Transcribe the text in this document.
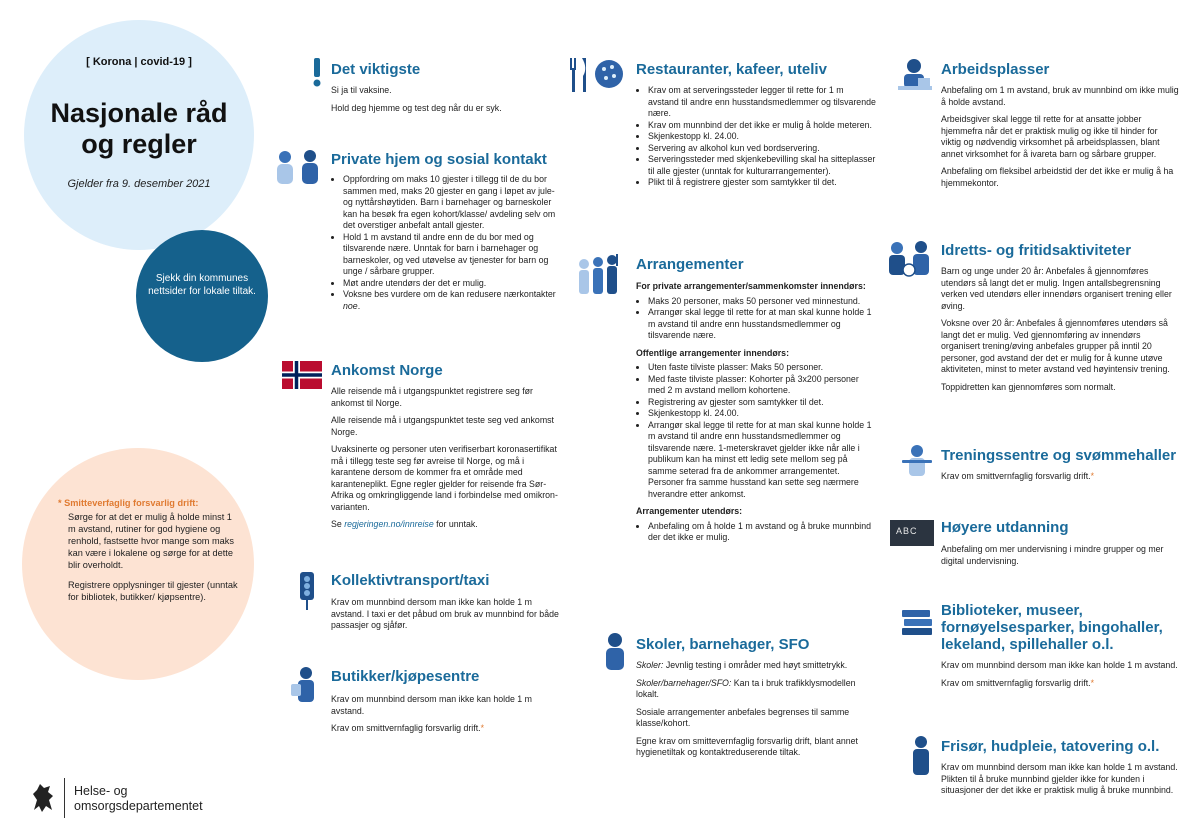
[ Korona | covid-19 ]
Nasjonale råd
og regler
Gjelder fra 9. desember 2021
Sjekk din kommunes nettsider for lokale tiltak.
* Smitteverfaglig forsvarlig drift:

Sørge for at det er mulig å holde minst 1 m avstand, rutiner for god hygiene og renhold, fastsette hvor mange som maks kan være i lokalene og sørge for at dette blir overholdt.

Registrere opplysninger til gjester (unntak for bibliotek, butikker/ kjøpsentre).

Helse- og
omsorgsdepartementet
Det viktigste

Si ja til vaksine.

Hold deg hjemme og test deg når du er syk.

Private hjem og sosial kontakt
• Oppfordring om maks 10 gjester i tillegg til de du bor sammen med, maks 20 gjester en gang i løpet av julе- og nyttårshøytiden. Barn i barnehager og barneskoler kan ha besøk fra egen kohort/klasse/ avdeling selv om det overstiger anbefalt antall gjester.
• Hold 1 m avstand til andre enn de du bor med og tilsvarende nære. Unntak for barn i barnehager og barneskoler, og ved utøvelse av tjenester for barn og unge / sårbare grupper.
• Møt andre utendørs der det er mulig.
• Voksne bes vurdere om de kan redusere nærkontakter noe.
Ankomst Norge

Alle reisende må i utgangspunktet registrere seg før ankomst til Norge.

Alle reisende må i utgangspunktet teste seg ved ankomst Norge.

Uvaksinerte og personer uten verifiserbart koronasertifikat må i tillegg teste seg før avreise til Norge, og må i karantene dersom de kommer fra et område med karanteneplikt. Egne regler gjelder for reisende fra Sør-Afrika og omkringliggende land i forbindelse med omikron-varianten.

Se regjeringen.no/innreise for unntak.

Kollektivtransport/taxi

Krav om munnbind dersom man ikke kan holde 1 m avstand. I taxi er det påbud om bruk av munnbind for både passasjer og sjåfør.

Butikker/kjøpesentre

Krav om munnbind dersom man ikke kan holde 1 m avstand.

Krav om smittvernfaglig forsvarlig drift.*

Restauranter, kafeer, uteliv
• Krav om at serveringssteder legger til rette for 1 m avstand til andre enn husstandsmedlemmer og tilsvarende nære.
• Krav om munnbind der det ikke er mulig å holde meteren.
• Skjenkestopp kl. 24.00.
• Servering av alkohol kun ved bordservering.
• Serveringssteder med skjenkebevilling skal ha sitteplasser til alle gjester (unntak for kulturarrangementer).
• Plikt til å registrere gjester som samtykker til det.
Arrangementer
For private arrangementer/sammenkomster innendørs:
• Maks 20 personer, maks 50 personer ved minnestund.
• Arrangør skal legge til rette for at man skal kunne holde 1 m avstand til andre enn husstandsmedlemmer og tilsvarende nære.
Offentlige arrangementer innendørs:
• Uten faste tilviste plasser: Maks 50 personer.
• Med faste tilviste plasser: Kohorter på 3x200 personer med 2 m avstand mellom kohortene.
• Registrering av gjester som samtykker til det.
• Skjenkestopp kl. 24.00.
• Arrangør skal legge til rette for at man skal kunne holde 1 m avstand til andre enn husstandsmedlemmer og tilsvarende nære. 1-meterskravet gjelder ikke når alle i publikum kan ha minst ett ledig sete mellom seg på samme seterad fra de ankommer arrangementet. Personer fra samme husstand kan sette seg nærmere hverandre etter ankomst.
Arrangementer utendørs:
• Anbefaling om å holde 1 m avstand og å bruke munnbind der det ikke er mulig.
Skoler, barnehager, SFO

Skoler: Jevnlig testing i områder med høyt smittetrykk.

Skoler/barnehager/SFO: Kan ta i bruk trafikklysmodellen lokalt.

Sosiale arrangementer anbefales begrenses til samme klasse/kohort.

Egne krav om smittevernfaglig forsvarlig drift, blant annet hygienetiltak og kontaktreduserende tiltak.

Arbeidsplasser

Anbefaling om 1 m avstand, bruk av munnbind om ikke mulig å holde avstand.

Arbeidsgiver skal legge til rette for at ansatte jobber hjemmefra når det er praktisk mulig og ikke til hinder for viktig og nødvendig virksomhet på arbeidsplassen, blant annet virksomhet for å ivareta barn og sårbare grupper.

Anbefaling om fleksibel arbeidstid der det ikke er mulig å ha hjemmekontor.

Idretts- og fritidsaktiviteter

Barn og unge under 20 år: Anbefales å gjennomføres utendørs så langt det er mulig. Ingen antallsbegrensning verken ved utendørs eller innendørs organisert trening eller øving.

Voksne over 20 år: Anbefales å gjennomføres utendørs så langt det er mulig. Ved gjennomføring av innendørs organisert trening/øving anbefales grupper på inntil 20 personer, god avstand der det er mulig for å kunne utøve aktiviteten, minst to meter avstand ved høyintensiv trening.

Toppidretten kan gjennomføres som normalt.

Treningssentre og svømmehaller

Krav om smittvernfaglig forsvarlig drift.*

ABC Høyere utdanning

Anbefaling om mer undervisning i mindre grupper og mer digital undervisning.

Biblioteker, museer,
fornøyelsesparker, bingohaller,
lekeland, spillehaller o.l.

Krav om munnbind dersom man ikke kan holde 1 m avstand.

Krav om smittvernfaglig forsvarlig drift.*

Frisør, hudpleie, tatovering o.l.

Krav om munnbind dersom man ikke kan holde 1 m avstand. Plikten til å bruke munnbind gjelder ikke for kunden i situasjoner der det ikke er praktisk mulig å bruke munnbind.
